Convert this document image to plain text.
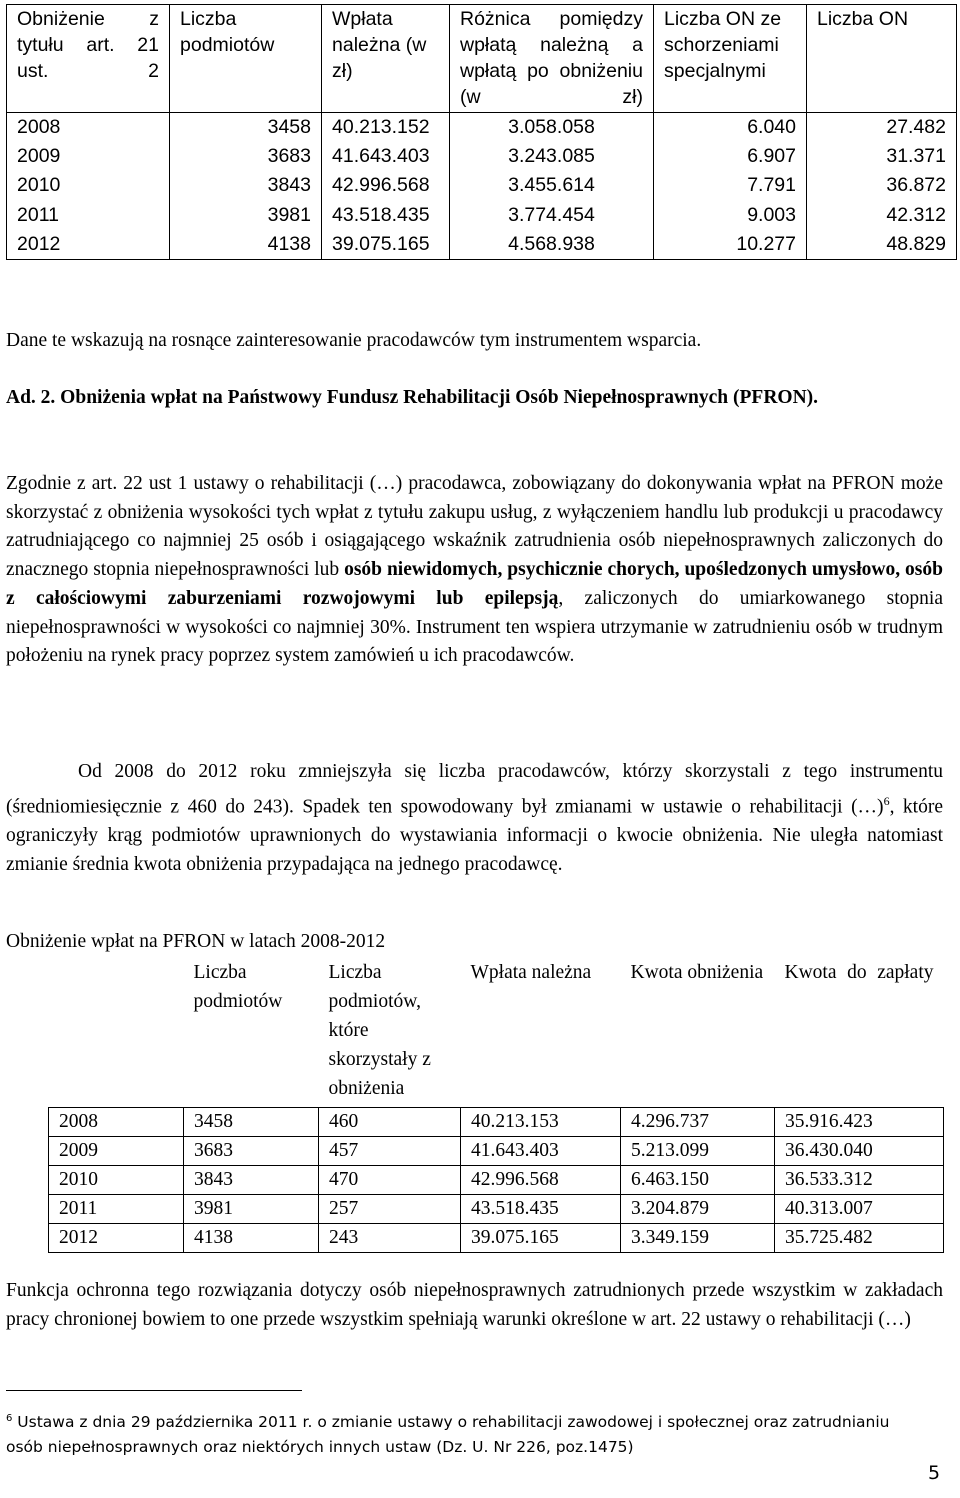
Obniżenie z tytułu art. 21 ust. 2	Liczba podmiotów	Wpłata należna (w zł)	Różnica pomiędzy wpłatą należną a wpłatą po obniżeniu (w zł)	Liczba ON ze schorzeniami specjalnymi	Liczba ON
2008	3458	40.213.152	3.058.058	6.040	27.482
2009	3683	41.643.403	3.243.085	6.907	31.371
2010	3843	42.996.568	3.455.614	7.791	36.872
2011	3981	43.518.435	3.774.454	9.003	42.312
2012	4138	39.075.165	4.568.938	10.277	48.829

Dane te wskazują na rosnące zainteresowanie pracodawców tym instrumentem wsparcia.

Ad. 2. Obniżenia wpłat na Państwowy Fundusz Rehabilitacji Osób Niepełnosprawnych (PFRON).

Zgodnie z art. 22 ust 1 ustawy o rehabilitacji (…) pracodawca, zobowiązany do dokonywania wpłat na PFRON może skorzystać z obniżenia wysokości tych wpłat z tytułu zakupu usług, z wyłączeniem handlu lub produkcji u pracodawcy zatrudniającego co najmniej 25 osób i osiągającego wskaźnik zatrudnienia osób niepełnosprawnych zaliczonych do znacznego stopnia niepełnosprawności lub osób niewidomych, psychicznie chorych, upośledzonych umysłowo, osób z całościowymi zaburzeniami rozwojowymi lub epilepsją, zaliczonych do umiarkowanego stopnia niepełnosprawności w wysokości co najmniej 30%. Instrument ten wspiera utrzymanie w zatrudnieniu osób w trudnym położeniu na rynek pracy poprzez system zamówień u ich pracodawców.

Od 2008 do 2012 roku zmniejszyła się liczba pracodawców, którzy skorzystali z tego instrumentu (średniomiesięcznie z 460 do 243). Spadek ten spowodowany był zmianami w ustawie o rehabilitacji (…)$^6$, które ograniczyły krąg podmiotów uprawnionych do wystawiania informacji o kwocie obniżenia. Nie uległa natomiast zmianie średnia kwota obniżenia przypadająca na jednego pracodawcę.

Obniżenie wpłat na PFRON w latach 2008-2012
	Liczba podmiotów	Liczba podmiotów, które skorzystały z obniżenia	Wpłata należna	Kwota obniżenia	Kwota do zapłaty
2008	3458	460	40.213.153	4.296.737	35.916.423
2009	3683	457	41.643.403	5.213.099	36.430.040
2010	3843	470	42.996.568	6.463.150	36.533.312
2011	3981	257	43.518.435	3.204.879	40.313.007
2012	4138	243	39.075.165	3.349.159	35.725.482

Funkcja ochronna tego rozwiązania dotyczy osób niepełnosprawnych zatrudnionych przede wszystkim w zakładach pracy chronionej bowiem to one przede wszystkim spełniają warunki określone w art. 22 ustawy o rehabilitacji (…)

$^6$ Ustawa z dnia 29 października 2011 r. o zmianie ustawy o rehabilitacji zawodowej i społecznej oraz zatrudnianiu osób niepełnosprawnych oraz niektórych innych ustaw (Dz. U. Nr 226, poz.1475)

5
